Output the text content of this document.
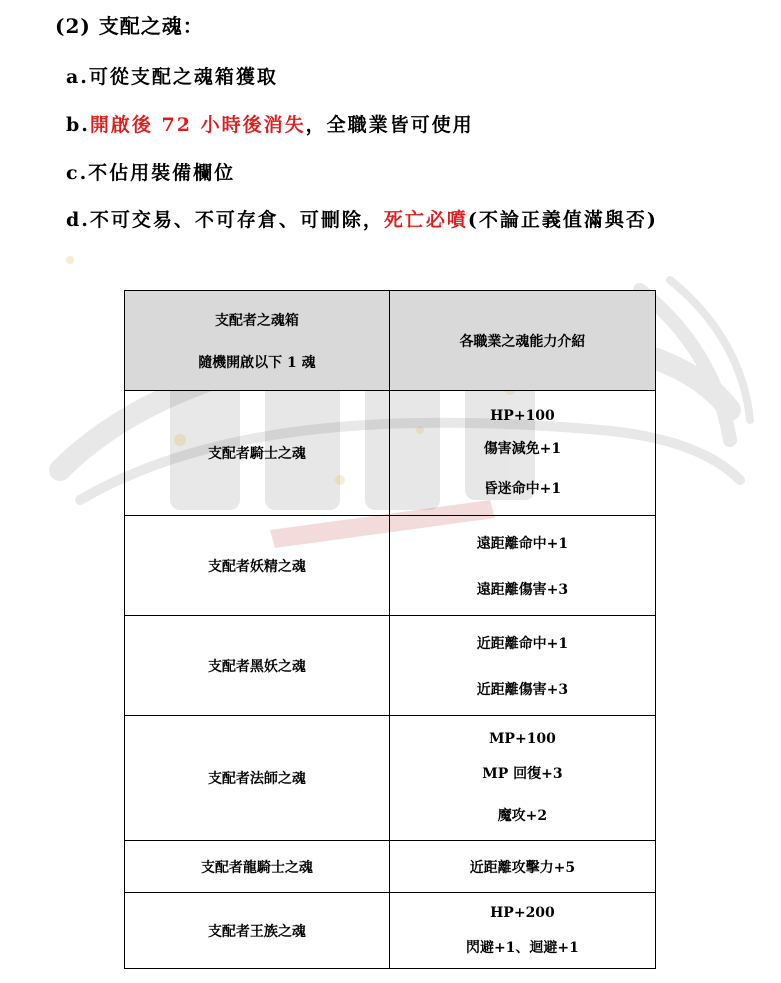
(2) 支配之魂：
a.可從支配之魂箱獲取
b.開啟後 72 小時後消失，全職業皆可使用
c.不佔用裝備欄位
d.不可交易、不可存倉、可刪除，死亡必噴(不論正義值滿與否)
支配者之魂箱
隨機開啟以下 1 魂	各職業之魂能力介紹
支配者騎士之魂	HP+100
傷害減免+1
昏迷命中+1

支配者妖精之魂	遠距離命中+1
遠距離傷害+3

支配者黑妖之魂	近距離命中+1
近距離傷害+3

支配者法師之魂	MP+100
MP 回復+3
魔攻+2

支配者龍騎士之魂	近距離攻擊力+5

支配者王族之魂	HP+200
閃避+1、迴避+1
